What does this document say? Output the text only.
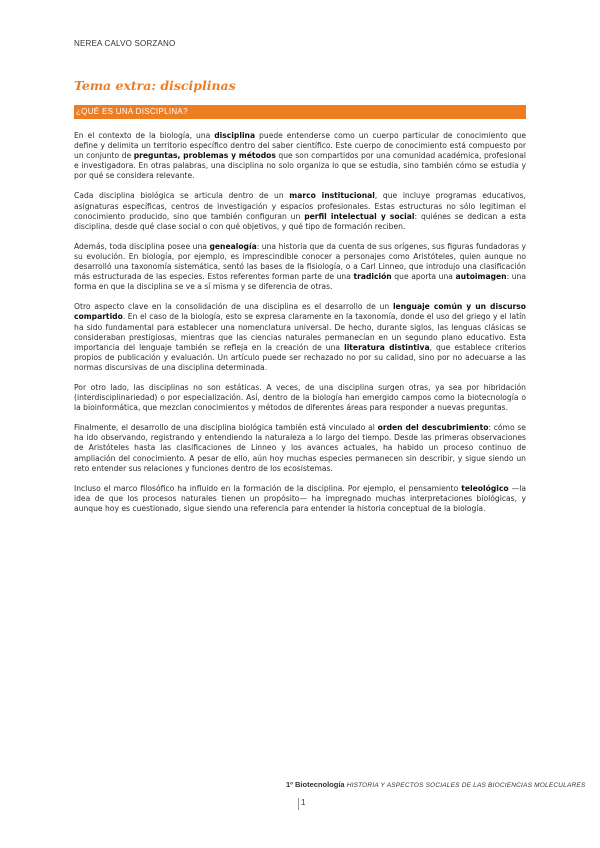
NEREA CALVO SORZANO
Tema extra: disciplinas
¿QUÉ ES UNA DISCIPLINA?

En el contexto de la biología, una disciplina puede entenderse como un cuerpo particular de conocimiento que define y delimita un territorio específico dentro del saber científico. Este cuerpo de conocimiento está compuesto por un conjunto de preguntas, problemas y métodos que son compartidos por una comunidad académica, profesional e investigadora. En otras palabras, una disciplina no solo organiza lo que se estudia, sino también cómo se estudia y por qué se considera relevante.

Cada disciplina biológica se articula dentro de un marco institucional, que incluye programas educativos, asignaturas específicas, centros de investigación y espacios profesionales. Estas estructuras no sólo legitiman el conocimiento producido, sino que también configuran un perfil intelectual y social: quiénes se dedican a esta disciplina, desde qué clase social o con qué objetivos, y qué tipo de formación reciben.

Además, toda disciplina posee una genealogía: una historia que da cuenta de sus orígenes, sus figuras fundadoras y su evolución. En biología, por ejemplo, es imprescindible conocer a personajes como Aristóteles, quien aunque no desarrolló una taxonomía sistemática, sentó las bases de la fisiología, o a Carl Linneo, que introdujo una clasificación más estructurada de las especies. Estos referentes forman parte de una tradición que aporta una autoimagen: una forma en que la disciplina se ve a sí misma y se diferencia de otras.

Otro aspecto clave en la consolidación de una disciplina es el desarrollo de un lenguaje común y un discurso compartido. En el caso de la biología, esto se expresa claramente en la taxonomía, donde el uso del griego y el latín ha sido fundamental para establecer una nomenclatura universal. De hecho, durante siglos, las lenguas clásicas se consideraban prestigiosas, mientras que las ciencias naturales permanecían en un segundo plano educativo. Esta importancia del lenguaje también se refleja en la creación de una literatura distintiva, que establece criterios propios de publicación y evaluación. Un artículo puede ser rechazado no por su calidad, sino por no adecuarse a las normas discursivas de una disciplina determinada.

Por otro lado, las disciplinas no son estáticas. A veces, de una disciplina surgen otras, ya sea por hibridación (interdisciplinariedad) o por especialización. Así, dentro de la biología han emergido campos como la biotecnología o la bioinformática, que mezclan conocimientos y métodos de diferentes áreas para responder a nuevas preguntas.

Finalmente, el desarrollo de una disciplina biológica también está vinculado al orden del descubrimiento: cómo se ha ido observando, registrando y entendiendo la naturaleza a lo largo del tiempo. Desde las primeras observaciones de Aristóteles hasta las clasificaciones de Linneo y los avances actuales, ha habido un proceso continuo de ampliación del conocimiento. A pesar de ello, aún hoy muchas especies permanecen sin describir, y sigue siendo un reto entender sus relaciones y funciones dentro de los ecosistemas.

Incluso el marco filosófico ha influido en la formación de la disciplina. Por ejemplo, el pensamiento teleológico —la idea de que los procesos naturales tienen un propósito— ha impregnado muchas interpretaciones biológicas, y aunque hoy es cuestionado, sigue siendo una referencia para entender la historia conceptual de la biología.

1º Biotecnología HISTORIA Y ASPECTOS SOCIALES DE LAS BIOCIENCIAS MOLECULARES
1
